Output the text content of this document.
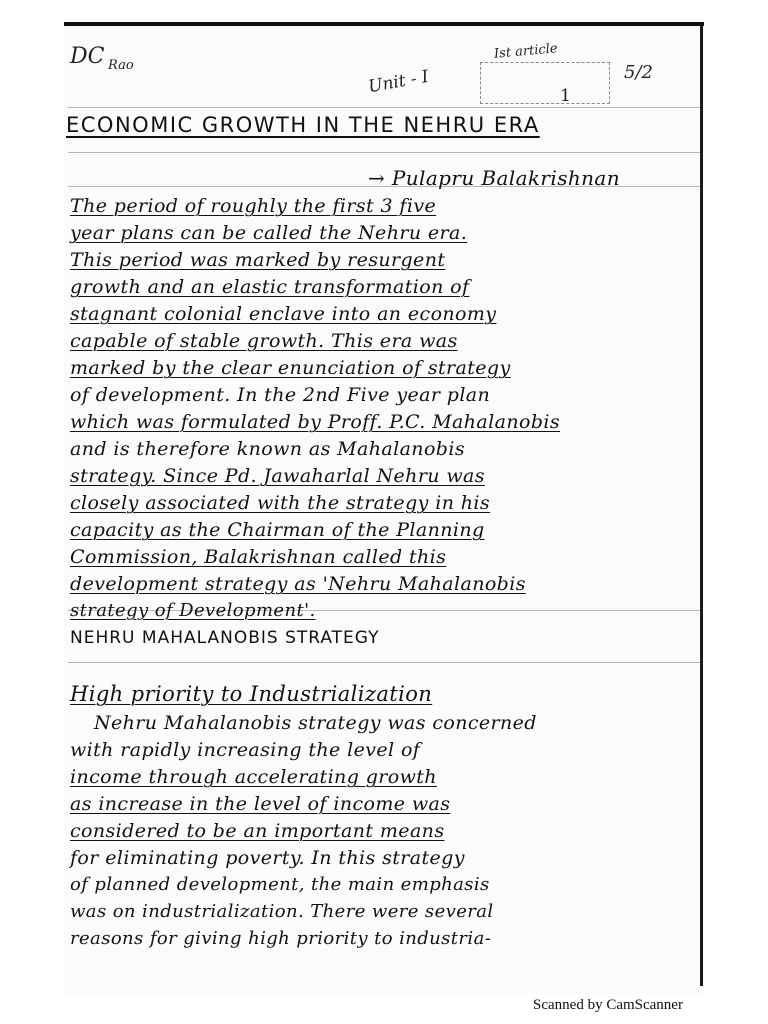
DC Rao
Unit - I
Ist article
1
5/2
ECONOMIC GROWTH IN THE NEHRU ERA
→ Pulapru Balakrishnan
The period of roughly the first 3 five
year plans can be called the Nehru era.
This period was marked by resurgent
growth and an elastic transformation of
stagnant colonial enclave into an economy
capable of stable growth. This era was
marked by the clear enunciation of strategy
of development. In the 2nd Five year plan
which was formulated by Proff. P.C. Mahalanobis
and is therefore known as Mahalanobis
strategy. Since Pd. Jawaharlal Nehru was
closely associated with the strategy in his
capacity as the Chairman of the Planning
Commission, Balakrishnan called this
development strategy as 'Nehru Mahalanobis
strategy of Development'.
NEHRU MAHALANOBIS STRATEGY
High priority to Industrialization
Nehru Mahalanobis strategy was concerned
with rapidly increasing the level of
income through accelerating growth
as increase in the level of income was
considered to be an important means
for eliminating poverty. In this strategy
of planned development, the main emphasis
was on industrialization. There were several
reasons for giving high priority to industria-
Scanned by CamScanner
